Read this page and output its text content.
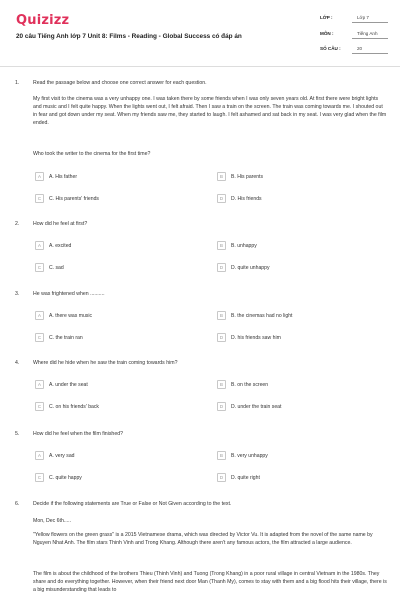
Quizizz
20 câu Tiếng Anh lớp 7 Unit 8: Films - Reading - Global Success có đáp án
LỚP :	Lớp 7
MÔN :	Tiếng Anh
SỐ CÂU :	20
1.	Read the passage below and choose one correct answer for each question.
My first visit to the cinema was a very unhappy one. I was taken there by some friends when I was only seven years old. At first there were bright lights and music and I felt quite happy. When the lights went out, I felt afraid. Then I saw a train on the screen. The train was coming towards me. I shouted out in fear and got down under my seat. When my friends saw me, they started to laugh. I felt ashamed and sat back in my seat. I was very glad when the film ended.
Who took the writer to the cinema for the first time?
A	A. His father	B	B. His parents
C	C. His parents' friends	D	D. His friends
2.	How did he feel at first?
A	A. excited	B	B. unhappy
C	C. sad	D	D. quite unhappy
3.	He was frightened when ..........
A	A. there was music	B	B. the cinemas had no light
C	C. the train ran	D	D. his friends saw him
4.	Where did he hide when he saw the train coming towards him?
A	A. under the seat	B	B. on the screen
C	C. on his friends' back	D	D. under the train seat
5.	How did he feel when the film finished?
A	A. very sad	B	B. very unhappy
C	C. quite happy	D	D. quite right
6.	Decide if the following statements are True or False or Not Given according to the text.
Mon, Dec 6th.....
"Yellow flowers on the green grass" is a 2015 Vietnamese drama, which was directed by Victor Vu. It is adapted from the novel of the same name by Nguyen Nhat Anh. The film stars Thinh Vinh and Trong Khang. Although there aren't any famous actors, the film attracted a large audience.
The film is about the childhood of the brothers Thieu (Thinh Vinh) and Tuong (Trong Khang) in a poor rural village in central Vietnam in the 1980s. They share and do everything together. However, when their friend next door Man (Thanh My), comes to stay with them and a big flood hits their village, there is a big misunderstanding that leads to
